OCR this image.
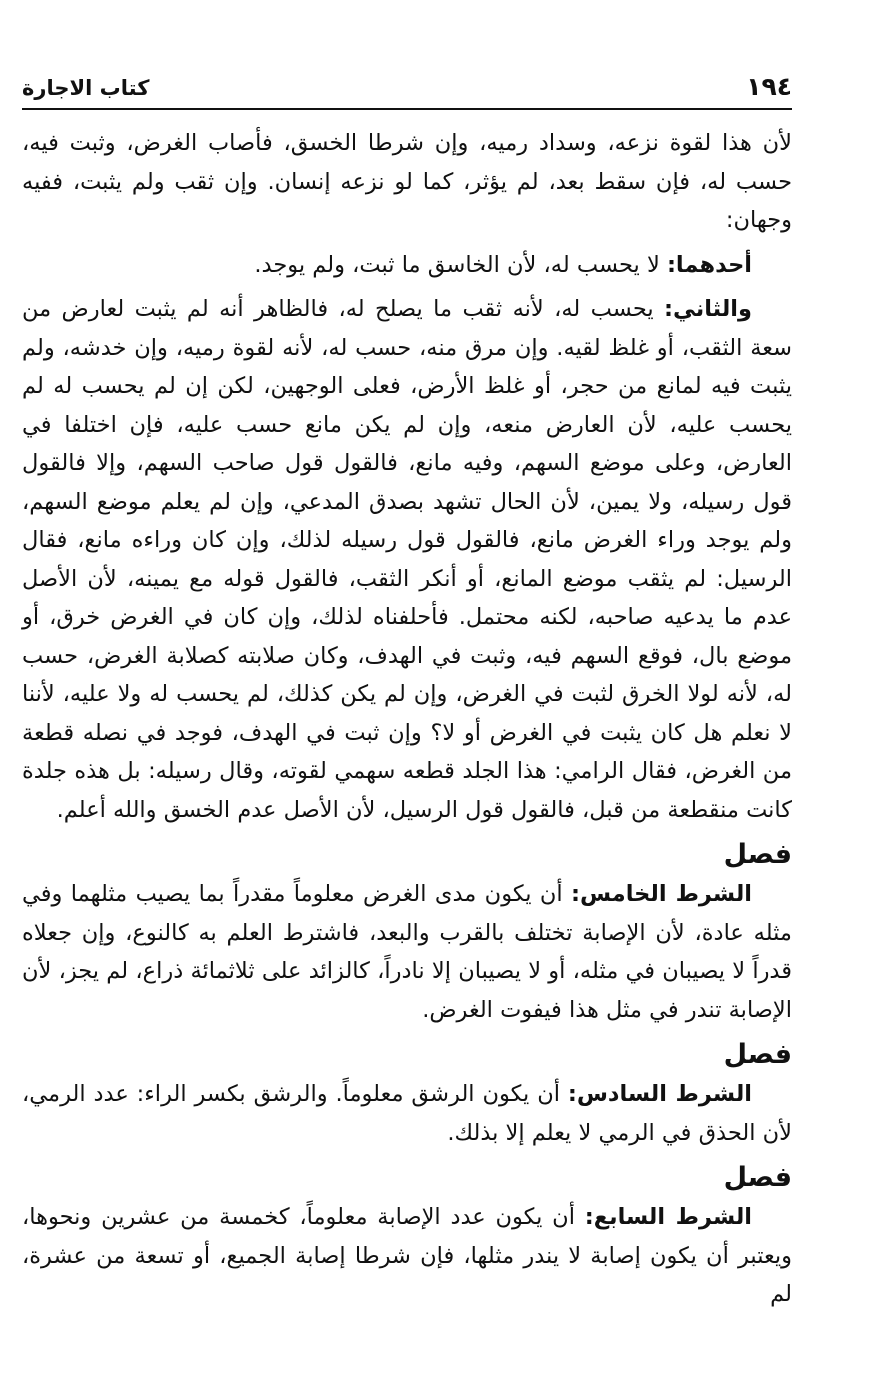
١٩٤
كتاب الاجارة

لأن هذا لقوة نزعه، وسداد رميه، وإن شرطا الخسق، فأصاب الغرض، وثبت فيه، حسب له، فإن سقط بعد، لم يؤثر، كما لو نزعه إنسان. وإن ثقب ولم يثبت، ففيه وجهان:

أحدهما: لا يحسب له، لأن الخاسق ما ثبت، ولم يوجد.

والثاني: يحسب له، لأنه ثقب ما يصلح له، فالظاهر أنه لم يثبت لعارض من سعة الثقب، أو غلظ لقيه. وإن مرق منه، حسب له، لأنه لقوة رميه، وإن خدشه، ولم يثبت فيه لمانع من حجر، أو غلظ الأرض، فعلى الوجهين، لكن إن لم يحسب له لم يحسب عليه، لأن العارض منعه، وإن لم يكن مانع حسب عليه، فإن اختلفا في العارض، وعلى موضع السهم، وفيه مانع، فالقول قول صاحب السهم، وإلا فالقول قول رسيله، ولا يمين، لأن الحال تشهد بصدق المدعي، وإن لم يعلم موضع السهم، ولم يوجد وراء الغرض مانع، فالقول قول رسيله لذلك، وإن كان وراءه مانع، فقال الرسيل: لم يثقب موضع المانع، أو أنكر الثقب، فالقول قوله مع يمينه، لأن الأصل عدم ما يدعيه صاحبه، لكنه محتمل. فأحلفناه لذلك، وإن كان في الغرض خرق، أو موضع بال، فوقع السهم فيه، وثبت في الهدف، وكان صلابته كصلابة الغرض، حسب له، لأنه لولا الخرق لثبت في الغرض، وإن لم يكن كذلك، لم يحسب له ولا عليه، لأننا لا نعلم هل كان يثبت في الغرض أو لا؟ وإن ثبت في الهدف، فوجد في نصله قطعة من الغرض، فقال الرامي: هذا الجلد قطعه سهمي لقوته، وقال رسيله: بل هذه جلدة كانت منقطعة من قبل، فالقول قول الرسيل، لأن الأصل عدم الخسق والله أعلم.

فصل

الشرط الخامس: أن يكون مدى الغرض معلوماً مقدراً بما يصيب مثلهما وفي مثله عادة، لأن الإصابة تختلف بالقرب والبعد، فاشترط العلم به كالنوع، وإن جعلاه قدراً لا يصيبان في مثله، أو لا يصيبان إلا نادراً، كالزائد على ثلاثمائة ذراع، لم يجز، لأن الإصابة تندر في مثل هذا فيفوت الغرض.

فصل

الشرط السادس: أن يكون الرشق معلوماً. والرشق بكسر الراء: عدد الرمي، لأن الحذق في الرمي لا يعلم إلا بذلك.

فصل

الشرط السابع: أن يكون عدد الإصابة معلوماً، كخمسة من عشرين ونحوها، ويعتبر أن يكون إصابة لا يندر مثلها، فإن شرطا إصابة الجميع، أو تسعة من عشرة، لم
